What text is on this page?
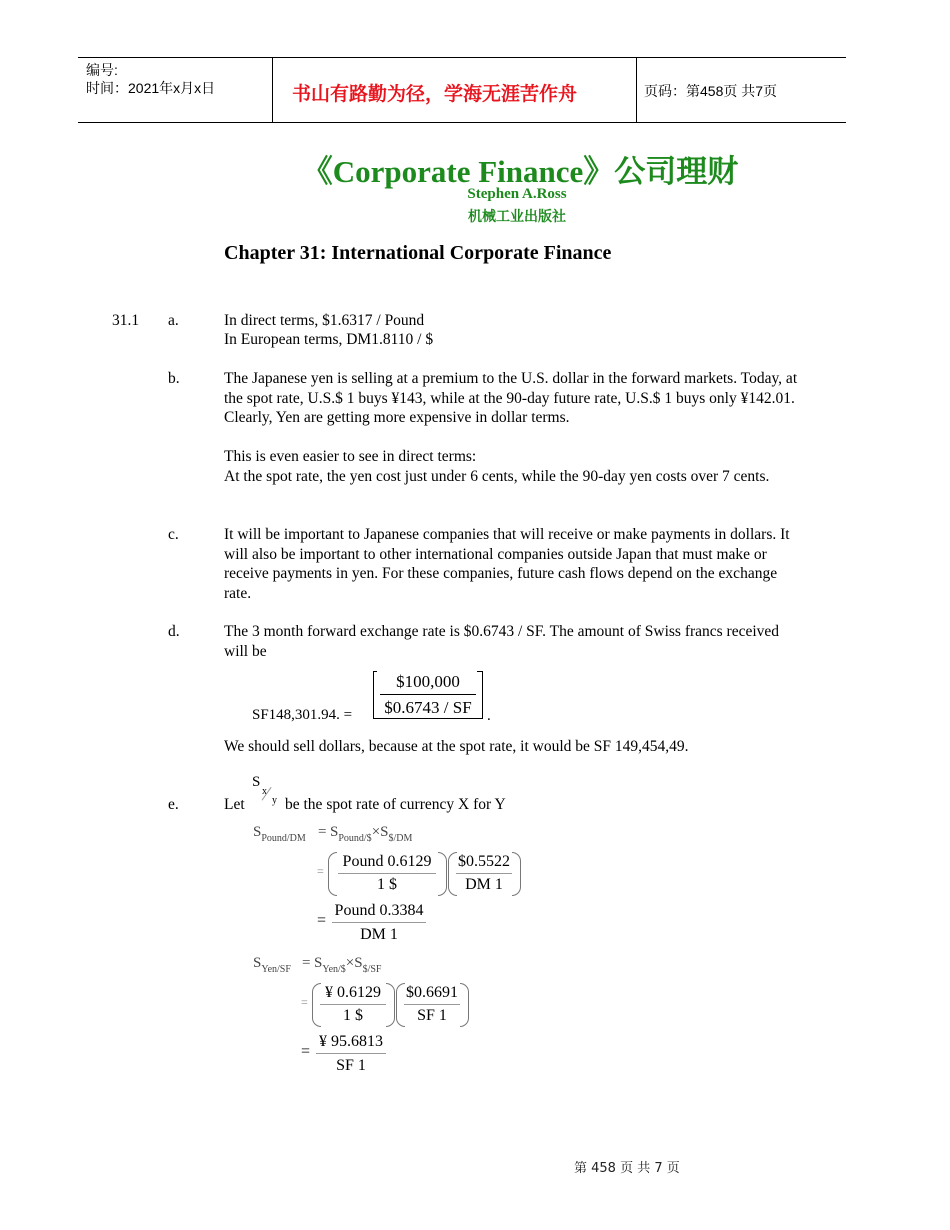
编号:
时间：2021年x月x日	书山有路勤为径，学海无涯苦作舟	页码：第458页 共7页
《Corporate Finance》公司理财
Stephen A.Ross
机械工业出版社
Chapter 31: International Corporate Finance
31.1 a.	In direct terms, $1.6317 / Pound
In European terms, DM1.8110 / $
b.	The Japanese yen is selling at a premium to the U.S. dollar in the forward markets. Today, at the spot rate, U.S.$ 1 buys ¥143, while at the 90-day future rate, U.S.$ 1 buys only ¥142.01. Clearly, Yen are getting more expensive in dollar terms.
This is even easier to see in direct terms:
At the spot rate, the yen cost just under 6 cents, while the 90-day yen costs over 7 cents.
c.	It will be important to Japanese companies that will receive or make payments in dollars. It will also be important to other international companies outside Japan that must make or receive payments in yen. For these companies, future cash flows depend on the exchange rate.
d.	The 3 month forward exchange rate is $0.6743 / SF. The amount of Swiss francs received will be
SF148,301.94. =
$100,000
$0.6743 / SF	.
We should sell dollars, because at the spot rate, it would be SF 149,454,49.
e.	Let
S
x
y be the spot rate of currency X for Y
$S_{Pound/DM} = S_{Pound/\$}\times S_{\$/DM}$
=
Pound 0.6129
1 $
$0.5522
DM 1
=
Pound 0.3384
DM 1
$S_{Yen/SF} = S_{Yen/\$}\times S_{\$/SF}$
=
¥ 0.6129
1 $
$0.6691
SF 1
=
¥ 95.6813
SF 1
第 458 页 共 7 页
